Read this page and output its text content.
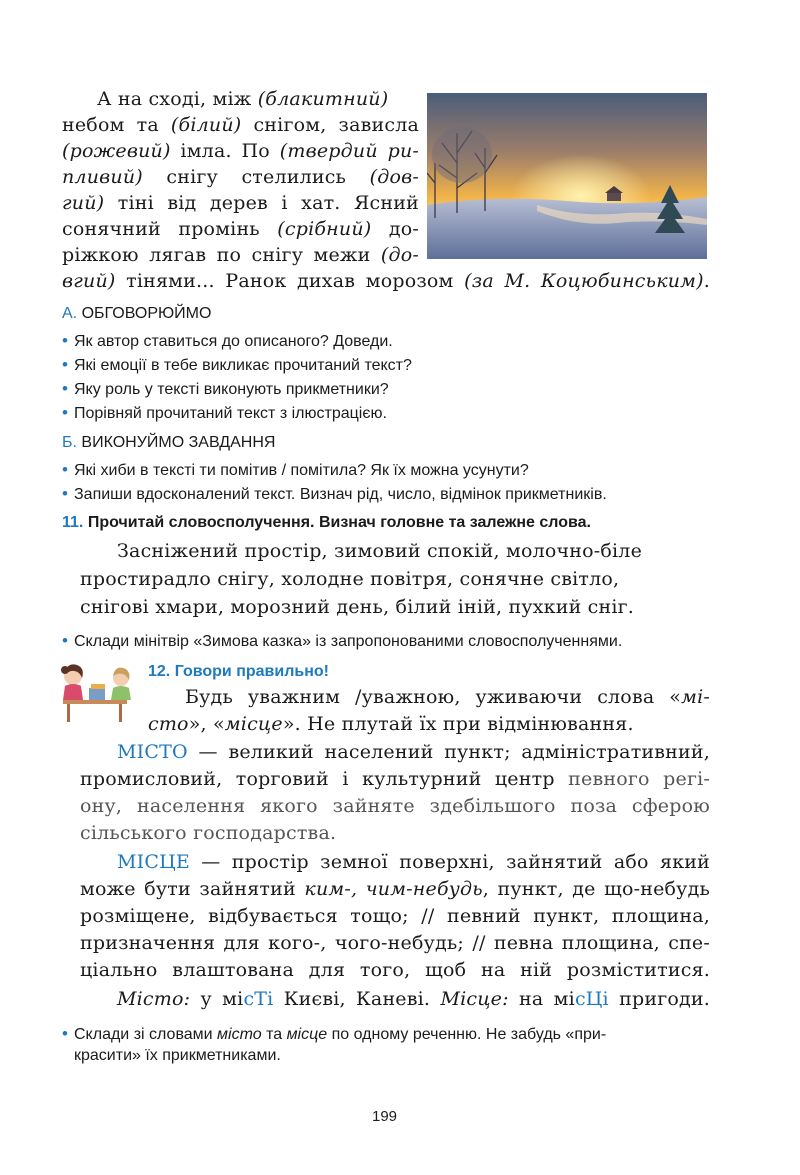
А на сході, між (блакитний)
небом та (білий) снігом, зависла
(рожевий) імла. По (твердий ри-
пливий) снігу стелились (дов-
гий) тіні від дерев і хат. Ясний
сонячний промінь (срібний) до-
ріжкою лягав по снігу межи (до-
вгий) тінями... Ранок дихав морозом (за М. Коцюбинським).
А. ОБГОВОРЮЙМО
• Як автор ставиться до описаного? Доведи.
• Які емоції в тебе викликає прочитаний текст?
• Яку роль у тексті виконують прикметники?
• Порівняй прочитаний текст з ілюстрацією.
Б. ВИКОНУЙМО ЗАВДАННЯ
• Які хиби в тексті ти помітив / помітила? Як їх можна усунути?
• Запиши вдосконалений текст. Визнач рід, число, відмінок прикметників.
11. Прочитай словосполучення. Визнач головне та залежне слова.
Засніжений простір, зимовий спокій, молочно-біле
простирадло снігу, холодне повітря, сонячне світло,
снігові хмари, морозний день, білий іній, пухкий сніг.
• Склади мінітвір «Зимова казка» із запропонованими словосполученнями.
12. Говори правильно!
Будь уважним /уважною, уживаючи слова «мі-
сто», «місце». Не плутай їх при відмінювання.
МІСТО — великий населений пункт; адміністративний,
промисловий, торговий і культурний центр певного регі-
ону, населення якого зайняте здебільшого поза сферою
сільського господарства.
МІСЦЕ — простір земної поверхні, зайнятий або який
може бути зайнятий ким-, чим-небудь, пункт, де що-небудь
розміщене, відбувається тощо; // певний пункт, площина,
призначення для кого-, чого-небудь; // певна площина, спе-
ціально влаштована для того, щоб на ній розміститися.
Місто: у місТі Києві, Каневі. Місце: на місЦі пригоди.
• Склади зі словами місто та місце по одному реченню. Не забудь «при-
красити» їх прикметниками.
199
